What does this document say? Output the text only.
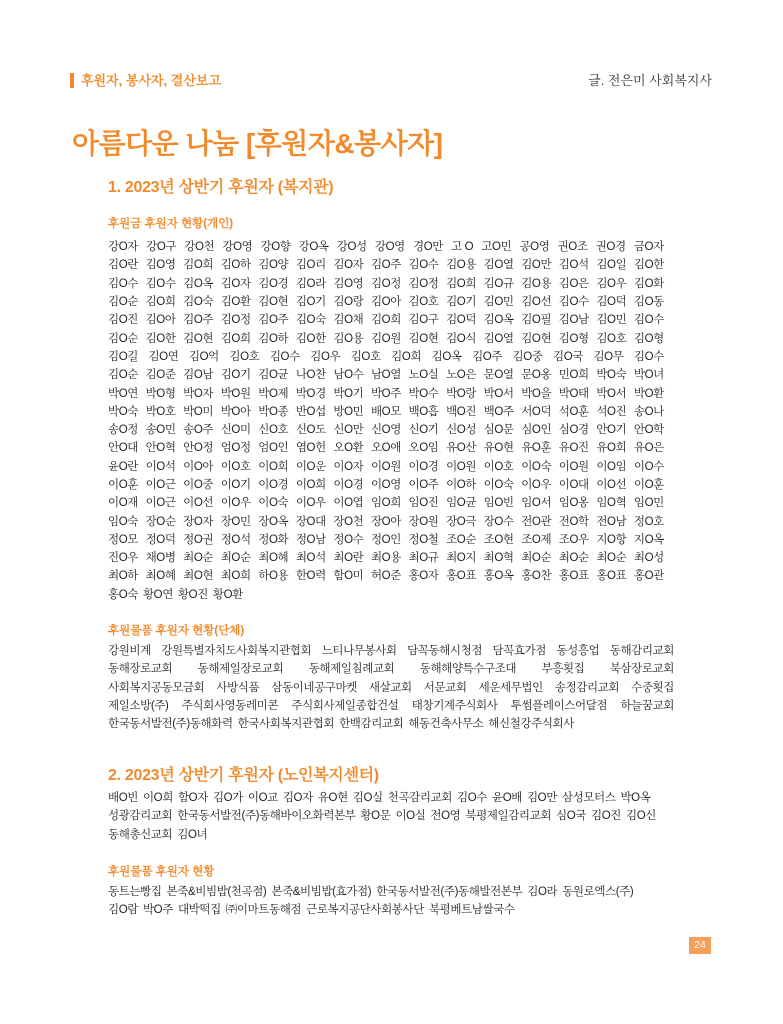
후원자, 봉사자, 결산보고	글. 전은미 사회복지사
아름다운 나눔 [후원자&봉사자]
1. 2023년 상반기 후원자 (복지관)
후원금 후원자 현황(개인)
강O자 강O구 강O천 강O영 강O향 강O옥 강O성 강O영 경O만 고 O 고O민 공O영 권O조 권O경 금O자
김O란 김O영 김O희 김O하 김O양 김O리 김O자 김O주 김O수 김O용 김O열 김O만 김O석 김O일 김O한
김O수 김O수 김O옥 김O자 김O경 김O라 김O영 김O정 김O정 김O희 김O규 김O용 김O은 김O우 김O화
김O순 김O희 김O숙 김O환 김O현 김O기 김O랑 김O아 김O호 김O기 김O민 김O선 김O수 김O덕 김O동
김O진 김O아 김O주 김O정 김O주 김O숙 김O채 김O희 김O구 김O덕 김O옥 김O필 김O남 김O민 김O수
김O순 김O한 김O현 김O희 김O하 김O한 김O용 김O원 김O현 김O식 김O열 김O현 김O형 김O호 김O형
김O길 김O연 김O억 김O호 김O수 김O우 김O호 김O희 김O옥 김O주 김O중 김O국 김O무 김O수
김O순 김O준 김O남 김O기 김O균 나O찬 남O수 남O열 노O실 노O은 문O열 문O옹 민O희 박O숙 박O녀
박O연 박O형 박O자 박O원 박O제 박O경 박O기 박O주 박O수 박O랑 박O서 박O을 박O태 박O서 박O환
박O숙 박O호 박O미 박O아 박O종 반O섭 방O민 배O모 백O흡 백O진 백O주 서O덕 석O훈 석O진 송O나
송O정 송O민 송O주 신O미 신O호 신O도 신O만 신O영 신O기 신O성 심O문 심O인 심O경 안O기 안O학
안O대 안O혁 안O정 엄O정 엄O인 염O헌 오O환 오O애 오O임 유O산 유O현 유O훈 유O진 유O희 유O은
윤O란 이O석 이O아 이O호 이O희 이O운 이O자 이O원 이O경 이O원 이O호 이O숙 이O원 이O임 이O수
이O훈 이O근 이O중 이O기 이O경 이O희 이O경 이O영 이O주 이O하 이O숙 이O우 이O대 이O선 이O훈
이O재 이O근 이O선 이O우 이O숙 이O우 이O엽 임O희 임O진 임O균 임O빈 임O서 임O옹 임O혁 임O민
임O숙 장O순 장O자 장O민 장O옥 장O대 장O천 장O아 장O원 장O극 장O수 전O관 전O학 전O남 정O호
정O모 정O덕 정O권 정O석 정O화 정O남 정O수 정O인 정O철 조O순 조O현 조O제 조O우 지O항 지O옥
진O우 채O병 최O순 최O순 최O혜 최O석 최O란 최O용 최O규 최O지 최O혁 최O순 최O순 최O순 최O성
최O하 최O혜 최O현 최O희 하O용 한O력 함O미 허O준 홍O자 홍O표 홍O옥 홍O찬 홍O표 홍O표 홍O관
홍O숙 황O연 황O진 황O환
후원물품 후원자 현황(단체)
강원비계 강원특별자치도사회복지관협회 느티나무봉사회 담꼭동해시청점 담꼭효가점 동성흥업 동해감리교회
동해장로교회 동해제일장로교회 동해제일침례교회 동해해양특수구조대 부흥횟집 북삼장로교회
사회복지공동모금회 사방식품 삼동이네공구마켓 새살교회 서문교회 세운세무법인 송정감리교회 수중횟집
제일소방(주) 주식회사영동레미콘 주식회사제일종합건설 태창기계주식회사 투썸플레이스어달점 하늘꿈교회
한국동서발전(주)동해화력 한국사회복지관협회 한백감리교회 해동건축사무소 해신철강주식회사
2. 2023년 상반기 후원자 (노인복지센터)
배O빈 이O희 함O자 김O가 이O교 김O자 유O현 김O실 천곡감리교회 김O수 윤O배 김O만 삼성모터스 박O옥
성광감리교회 한국동서발전(주)동해바이오화력본부 황O문 이O실 전O영 북평제일감리교회 심O국 김O진 김O신
동해총신교회 김O녀
후원물품 후원자 현황
동트는빵집 본죽&비빔밥(천곡점) 본죽&비빔밥(효가점) 한국동서발전(주)동해발전본부 김O라 동원로엑스(주)
김O람 박O주 대박떡집 ㈜이마트동해점 근로복지공단사회봉사단 북평베트남쌀국수
24
